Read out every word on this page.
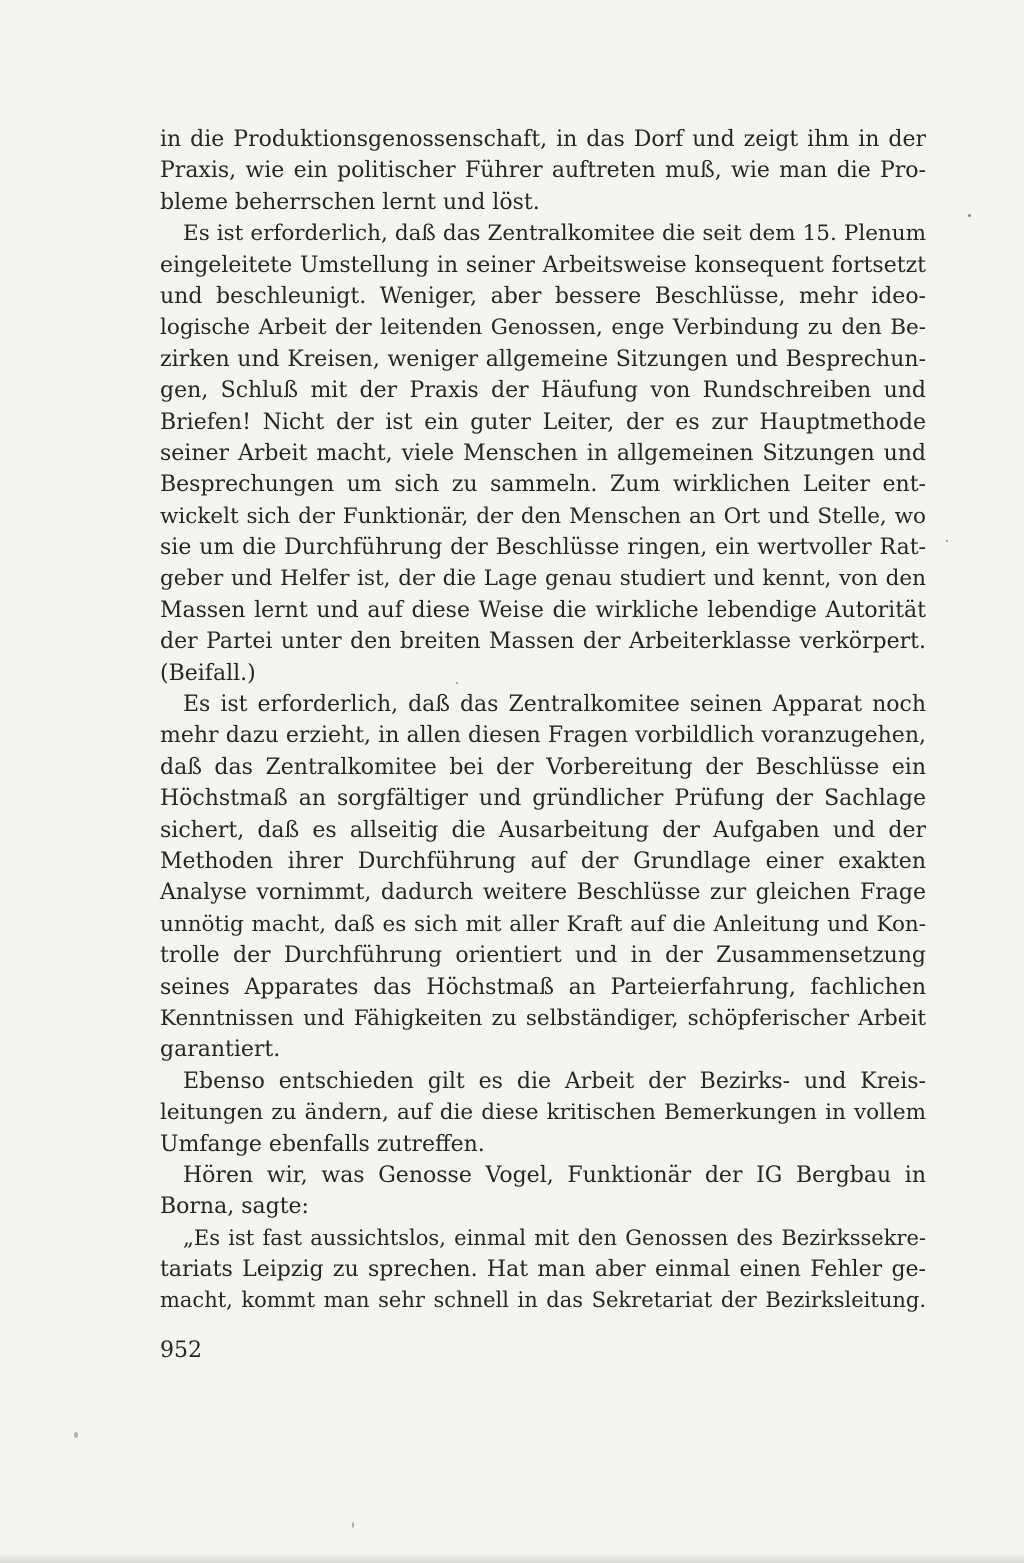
in die Produktionsgenossenschaft, in das Dorf und zeigt ihm in der
Praxis, wie ein politischer Führer auftreten muß, wie man die Pro-
bleme beherrschen lernt und löst.
Es ist erforderlich, daß das Zentralkomitee die seit dem 15. Plenum
eingeleitete Umstellung in seiner Arbeitsweise konsequent fortsetzt
und beschleunigt. Weniger, aber bessere Beschlüsse, mehr ideo-
logische Arbeit der leitenden Genossen, enge Verbindung zu den Be-
zirken und Kreisen, weniger allgemeine Sitzungen und Besprechun-
gen, Schluß mit der Praxis der Häufung von Rundschreiben und
Briefen! Nicht der ist ein guter Leiter, der es zur Hauptmethode
seiner Arbeit macht, viele Menschen in allgemeinen Sitzungen und
Besprechungen um sich zu sammeln. Zum wirklichen Leiter ent-
wickelt sich der Funktionär, der den Menschen an Ort und Stelle, wo
sie um die Durchführung der Beschlüsse ringen, ein wertvoller Rat-
geber und Helfer ist, der die Lage genau studiert und kennt, von den
Massen lernt und auf diese Weise die wirkliche lebendige Autorität
der Partei unter den breiten Massen der Arbeiterklasse verkörpert.
(Beifall.)
Es ist erforderlich, daß das Zentralkomitee seinen Apparat noch
mehr dazu erzieht, in allen diesen Fragen vorbildlich voranzugehen,
daß das Zentralkomitee bei der Vorbereitung der Beschlüsse ein
Höchstmaß an sorgfältiger und gründlicher Prüfung der Sachlage
sichert, daß es allseitig die Ausarbeitung der Aufgaben und der
Methoden ihrer Durchführung auf der Grundlage einer exakten
Analyse vornimmt, dadurch weitere Beschlüsse zur gleichen Frage
unnötig macht, daß es sich mit aller Kraft auf die Anleitung und Kon-
trolle der Durchführung orientiert und in der Zusammensetzung
seines Apparates das Höchstmaß an Parteierfahrung, fachlichen
Kenntnissen und Fähigkeiten zu selbständiger, schöpferischer Arbeit
garantiert.
Ebenso entschieden gilt es die Arbeit der Bezirks- und Kreis-
leitungen zu ändern, auf die diese kritischen Bemerkungen in vollem
Umfange ebenfalls zutreffen.
Hören wir, was Genosse Vogel, Funktionär der IG Bergbau in
Borna, sagte:
„Es ist fast aussichtslos, einmal mit den Genossen des Bezirkssekre-
tariats Leipzig zu sprechen. Hat man aber einmal einen Fehler ge-
macht, kommt man sehr schnell in das Sekretariat der Bezirksleitung.
952
